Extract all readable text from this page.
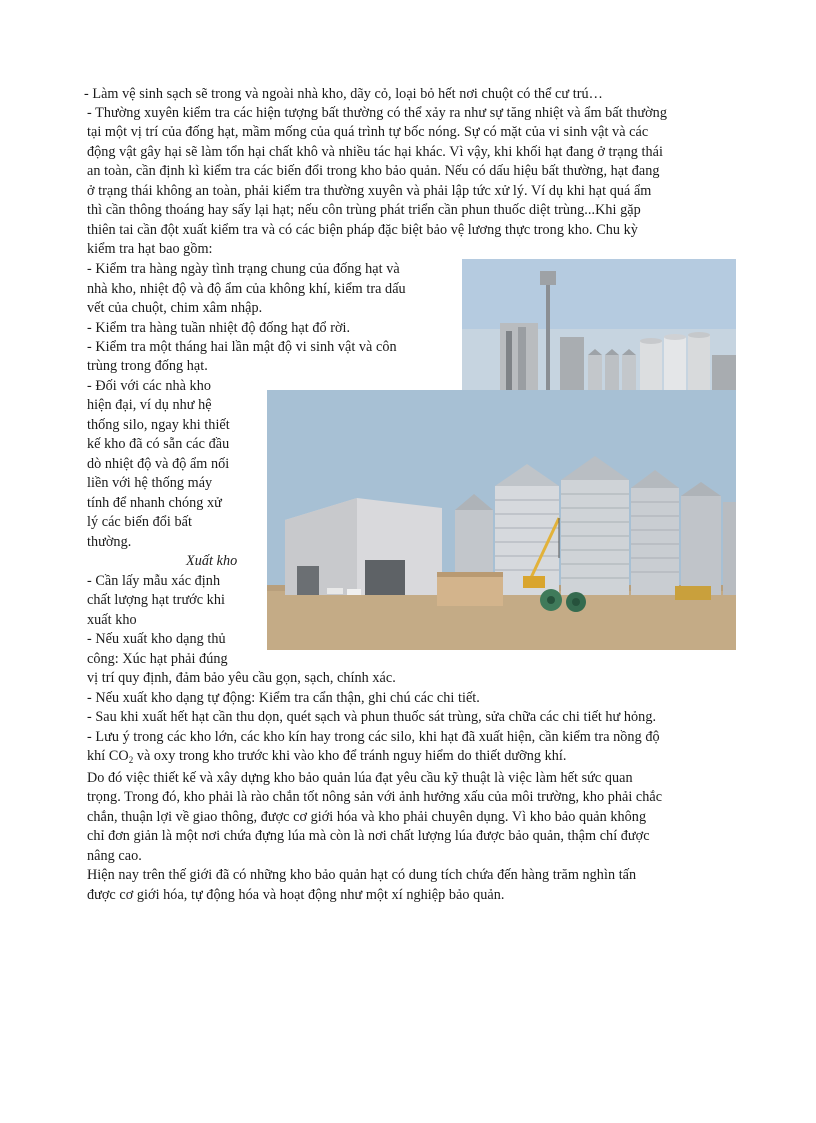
- Làm vệ sinh sạch sẽ trong và ngoài nhà kho, dãy cỏ, loại bỏ hết nơi chuột có thể cư trú…
- Thường xuyên kiểm tra các hiện tượng bất thường có thể xảy ra như sự tăng nhiệt và ẩm bất thường
tại một vị trí của đống hạt, mầm mống của quá trình tự bốc nóng. Sự có mặt của vi sinh vật và các
động vật gây hại sẽ làm tổn hại chất khô và nhiều tác hại khác. Vì vậy, khi khối hạt đang ở trạng thái
an toàn, cần định kì kiểm tra các biến đổi trong kho bảo quản. Nếu có dấu hiệu bất thường, hạt đang
ở trạng thái không an toàn, phải kiểm tra thường xuyên và phải lập tức xử lý. Ví dụ khi hạt quá ẩm
thì cần thông thoáng hay sấy lại hạt; nếu côn trùng phát triển cần phun thuốc diệt trùng...Khi gặp
thiên tai cần đột xuất kiểm tra và có các biện pháp đặc biệt bảo vệ lương thực trong kho. Chu kỳ
kiểm tra hạt bao gồm:
- Kiểm tra hàng ngày tình trạng chung của đống hạt và
nhà kho, nhiệt độ và độ ẩm của không khí, kiểm tra dấu
vết của chuột, chim xâm nhập.
- Kiểm tra hàng tuần nhiệt độ đống hạt đổ rời.
- Kiểm tra một tháng hai lần mật độ vi sinh vật và côn
trùng trong đống hạt.
- Đối với các nhà kho
hiện đại, ví dụ như hệ
thống silo, ngay khi thiết
kế kho đã có sẵn các đầu
dò nhiệt độ và độ ẩm nối
liền với hệ thống máy
tính để nhanh chóng xử
lý các biến đổi bất
thường.
Xuất kho
- Cần lấy mẫu xác định
chất lượng hạt trước khi
xuất kho
- Nếu xuất kho dạng thủ
công: Xúc hạt phải đúng
vị trí quy định, đảm bảo yêu cầu gọn, sạch, chính xác.
- Nếu xuất kho dạng tự động: Kiểm tra cẩn thận, ghi chú các chi tiết.
- Sau khi xuất hết hạt cần thu dọn, quét sạch và phun thuốc sát trùng, sửa chữa các chi tiết hư hỏng.
- Lưu ý trong các kho lớn, các kho kín hay trong các silo, khi hạt đã xuất hiện, cần kiểm tra nồng độ
khí $CO_2$ và oxy trong kho trước khi vào kho để tránh nguy hiểm do thiết dưỡng khí.
Do đó việc thiết kế và xây dựng kho bảo quản lúa đạt yêu cầu kỹ thuật là việc làm hết sức quan
trọng. Trong đó, kho phải là rào chắn tốt nông sản với ảnh hưởng xấu của môi trường, kho phải chắc
chắn, thuận lợi về giao thông, được cơ giới hóa và kho phải chuyên dụng. Vì kho bảo quản không
chỉ đơn giản là một nơi chứa đựng lúa mà còn là nơi chất lượng lúa được bảo quản, thậm chí được
nâng cao.
Hiện nay trên thế giới đã có những kho bảo quản hạt có dung tích chứa đến hàng trăm nghìn tấn
được cơ giới hóa, tự động hóa và hoạt động như một xí nghiệp bảo quản.
